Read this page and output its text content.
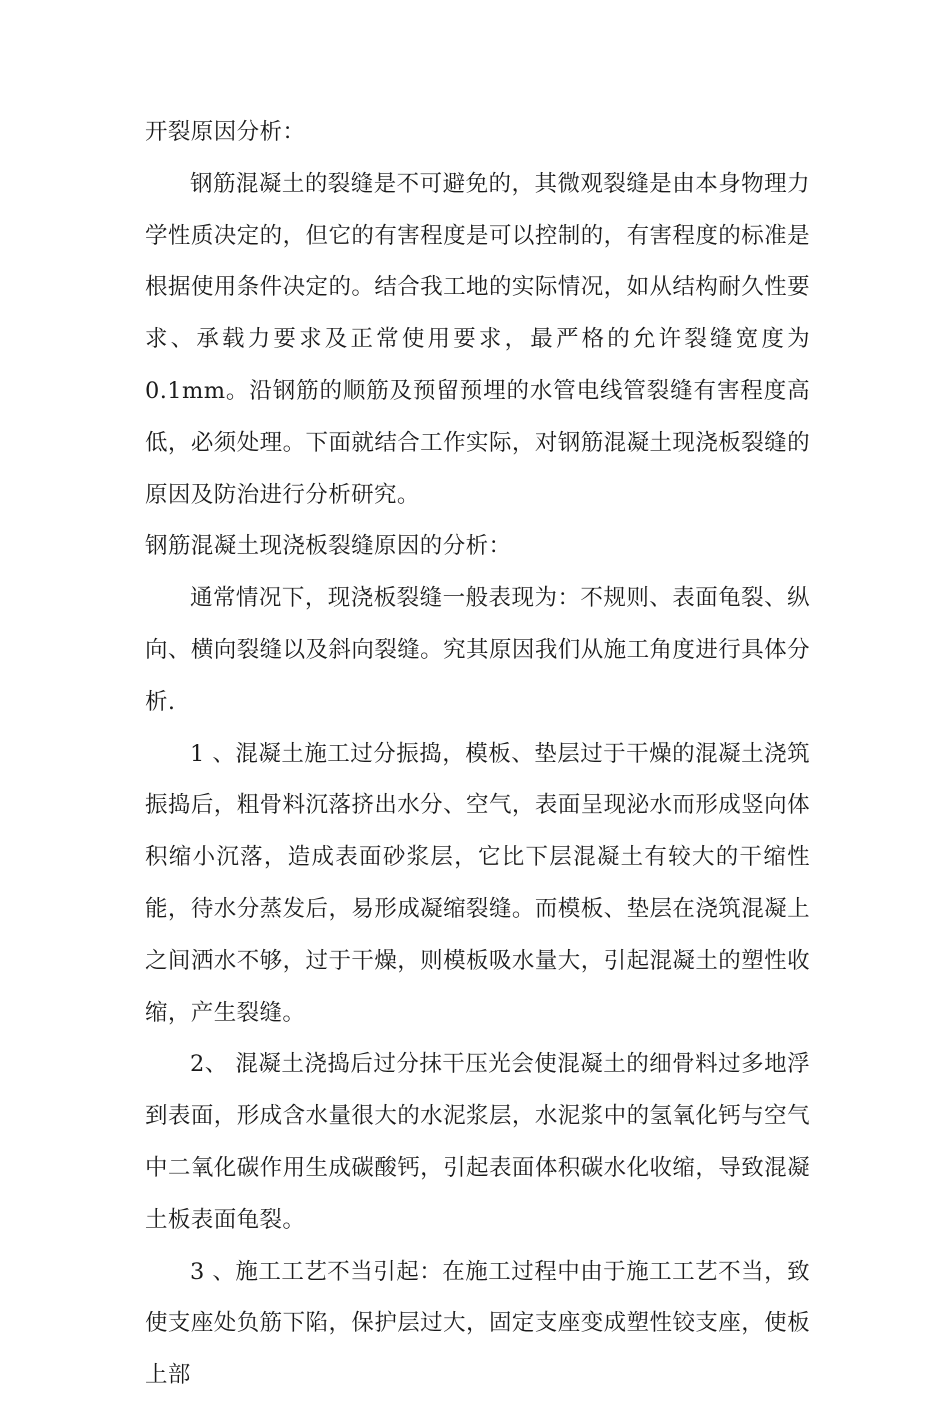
开裂原因分析：

钢筋混凝土的裂缝是不可避免的，其微观裂缝是由本身物理力学性质决定的，但它的有害程度是可以控制的，有害程度的标准是根据使用条件决定的。结合我工地的实际情况，如从结构耐久性要求、承载力要求及正常使用要求，最严格的允许裂缝宽度为0.1mm。沿钢筋的顺筋及预留预埋的水管电线管裂缝有害程度高低，必须处理。下面就结合工作实际，对钢筋混凝土现浇板裂缝的原因及防治进行分析研究。

钢筋混凝土现浇板裂缝原因的分析：

通常情况下，现浇板裂缝一般表现为：不规则、表面龟裂、纵向、横向裂缝以及斜向裂缝。究其原因我们从施工角度进行具体分析.

1 、混凝土施工过分振捣，模板、垫层过于干燥的混凝土浇筑振捣后，粗骨料沉落挤出水分、空气，表面呈现泌水而形成竖向体积缩小沉落，造成表面砂浆层，它比下层混凝土有较大的干缩性能，待水分蒸发后，易形成凝缩裂缝。而模板、垫层在浇筑混凝上之间洒水不够，过于干燥，则模板吸水量大，引起混凝土的塑性收缩，产生裂缝。

2、 混凝土浇捣后过分抹干压光会使混凝土的细骨料过多地浮到表面，形成含水量很大的水泥浆层，水泥浆中的氢氧化钙与空气中二氧化碳作用生成碳酸钙，引起表面体积碳水化收缩，导致混凝土板表面龟裂。

3 、施工工艺不当引起：在施工过程中由于施工工艺不当，致使支座处负筋下陷，保护层过大，固定支座变成塑性铰支座，使板上部
